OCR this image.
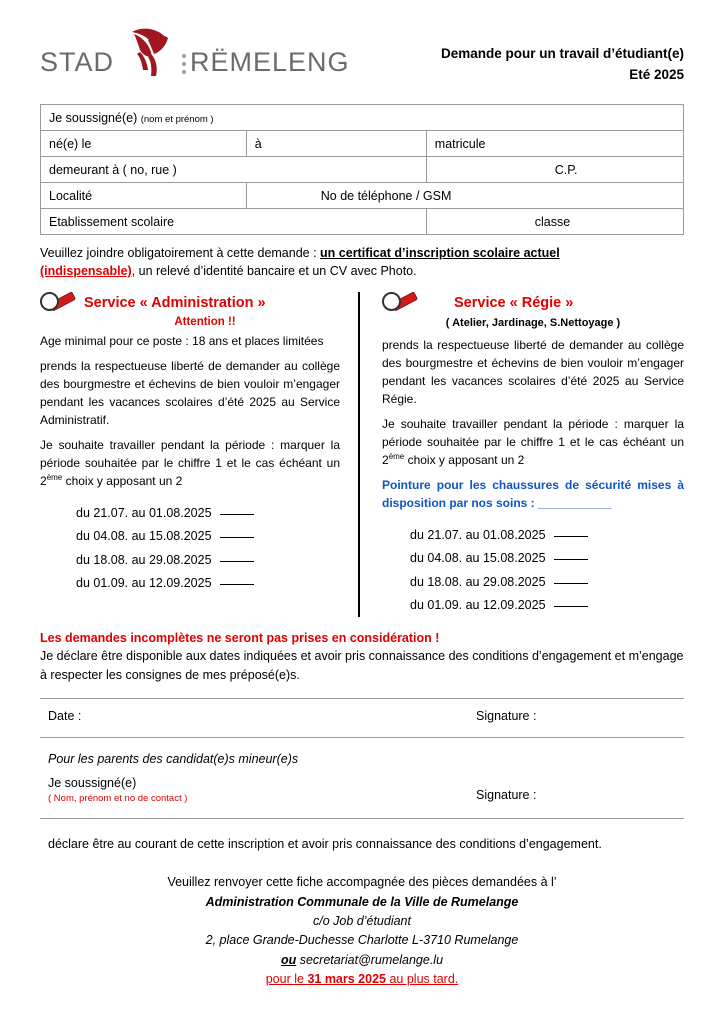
STAD	RËMELENG	Demande pour un travail d’étudiant(e)
Eté 2025
Je soussigné(e) (nom et prénom )		
né(e) le	à	matricule
demeurant à ( no, rue )		C.P.
Localité	No de téléphone / GSM	
Etablissement scolaire		classe
Veuillez joindre obligatoirement à cette demande : un certificat d’inscription scolaire actuel
(indispensable), un relevé d’identité bancaire et un CV avec Photo.
Service « Administration »
Attention !!
Age minimal pour ce poste : 18 ans et places limitées
prends la respectueuse liberté de demander au collège des bourgmestre et échevins de bien vouloir m’engager pendant les vacances scolaires d’été 2025 au Service Administratif.
Je souhaite travailler pendant la période : marquer la période souhaitée par le chiffre 1 et le cas échéant un 2ème choix y apposant un 2
du 21.07. au 01.08.2025
du 04.08. au 15.08.2025
du 18.08. au 29.08.2025
du 01.09. au 12.09.2025
Service « Régie »
( Atelier, Jardinage, S.Nettoyage )
prends la respectueuse liberté de demander au collège des bourgmestre et échevins de bien vouloir m’engager pendant les vacances scolaires d’été 2025 au Service Régie.
Je souhaite travailler pendant la période : marquer la période souhaitée par le chiffre 1 et le cas échéant un 2ème choix y apposant un 2
Pointure pour les chaussures de sécurité mises à disposition par nos soins : ___________
du 21.07. au 01.08.2025
du 04.08. au 15.08.2025
du 18.08. au 29.08.2025
du 01.09. au 12.09.2025
Les demandes incomplètes ne seront pas prises en considération !
Je déclare être disponible aux dates indiquées et avoir pris connaissance des conditions d’engagement et m’engage à respecter les consignes de mes préposé(e)s.
Date :	Signature :
Pour les parents des candidat(e)s mineur(e)s
Je soussigné(e)
( Nom, prénom et no de contact )	Signature :
déclare être au courant de cette inscription et avoir pris connaissance des conditions d’engagement.
Veuillez renvoyer cette fiche accompagnée des pièces demandées à l’
Administration Communale de la Ville de Rumelange
c/o Job d’étudiant
2, place Grande-Duchesse Charlotte L-3710 Rumelange
ou secretariat@rumelange.lu
pour le 31 mars 2025 au plus tard.
